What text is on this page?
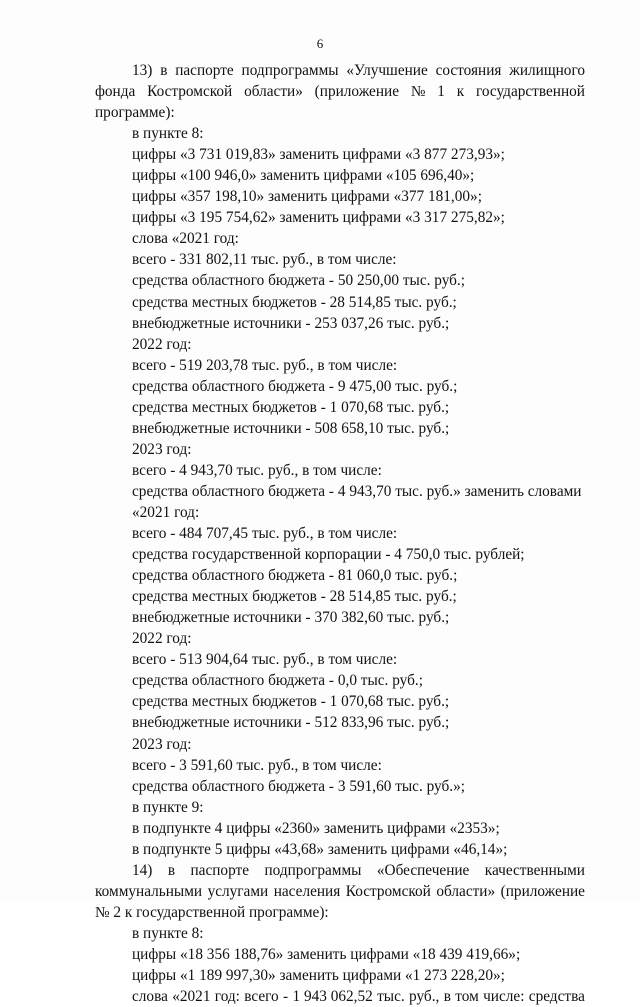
6
13) в паспорте подпрограммы «Улучшение состояния жилищного
фонда Костромской области» (приложение № 1 к государственной
программе):
в пункте 8:
цифры «3 731 019,83» заменить цифрами «3 877 273,93»;
цифры «100 946,0» заменить цифрами «105 696,40»;
цифры «357 198,10» заменить цифрами «377 181,00»;
цифры «3 195 754,62» заменить цифрами «3 317 275,82»;
слова «2021 год:
всего - 331 802,11 тыс. руб., в том числе:
средства областного бюджета - 50 250,00 тыс. руб.;
средства местных бюджетов - 28 514,85 тыс. руб.;
внебюджетные источники - 253 037,26 тыс. руб.;
2022 год:
всего - 519 203,78 тыс. руб., в том числе:
средства областного бюджета - 9 475,00 тыс. руб.;
средства местных бюджетов - 1 070,68 тыс. руб.;
внебюджетные источники - 508 658,10 тыс. руб.;
2023 год:
всего - 4 943,70 тыс. руб., в том числе:
средства областного бюджета - 4 943,70 тыс. руб.» заменить словами
«2021 год:
всего - 484 707,45 тыс. руб., в том числе:
средства государственной корпорации - 4 750,0 тыс. рублей;
средства областного бюджета - 81 060,0 тыс. руб.;
средства местных бюджетов - 28 514,85 тыс. руб.;
внебюджетные источники - 370 382,60 тыс. руб.;
2022 год:
всего - 513 904,64 тыс. руб., в том числе:
средства областного бюджета - 0,0 тыс. руб.;
средства местных бюджетов - 1 070,68 тыс. руб.;
внебюджетные источники - 512 833,96 тыс. руб.;
2023 год:
всего - 3 591,60 тыс. руб., в том числе:
средства областного бюджета - 3 591,60 тыс. руб.»;
в пункте 9:
в подпункте 4 цифры «2360» заменить цифрами «2353»;
в подпункте 5 цифры «43,68» заменить цифрами «46,14»;
14) в паспорте подпрограммы «Обеспечение качественными
коммунальными услугами населения Костромской области» (приложение
№ 2 к государственной программе):
в пункте 8:
цифры «18 356 188,76» заменить цифрами «18 439 419,66»;
цифры «1 189 997,30» заменить цифрами «1 273 228,20»;
слова «2021 год: всего - 1 943 062,52 тыс. руб., в том числе: средства
